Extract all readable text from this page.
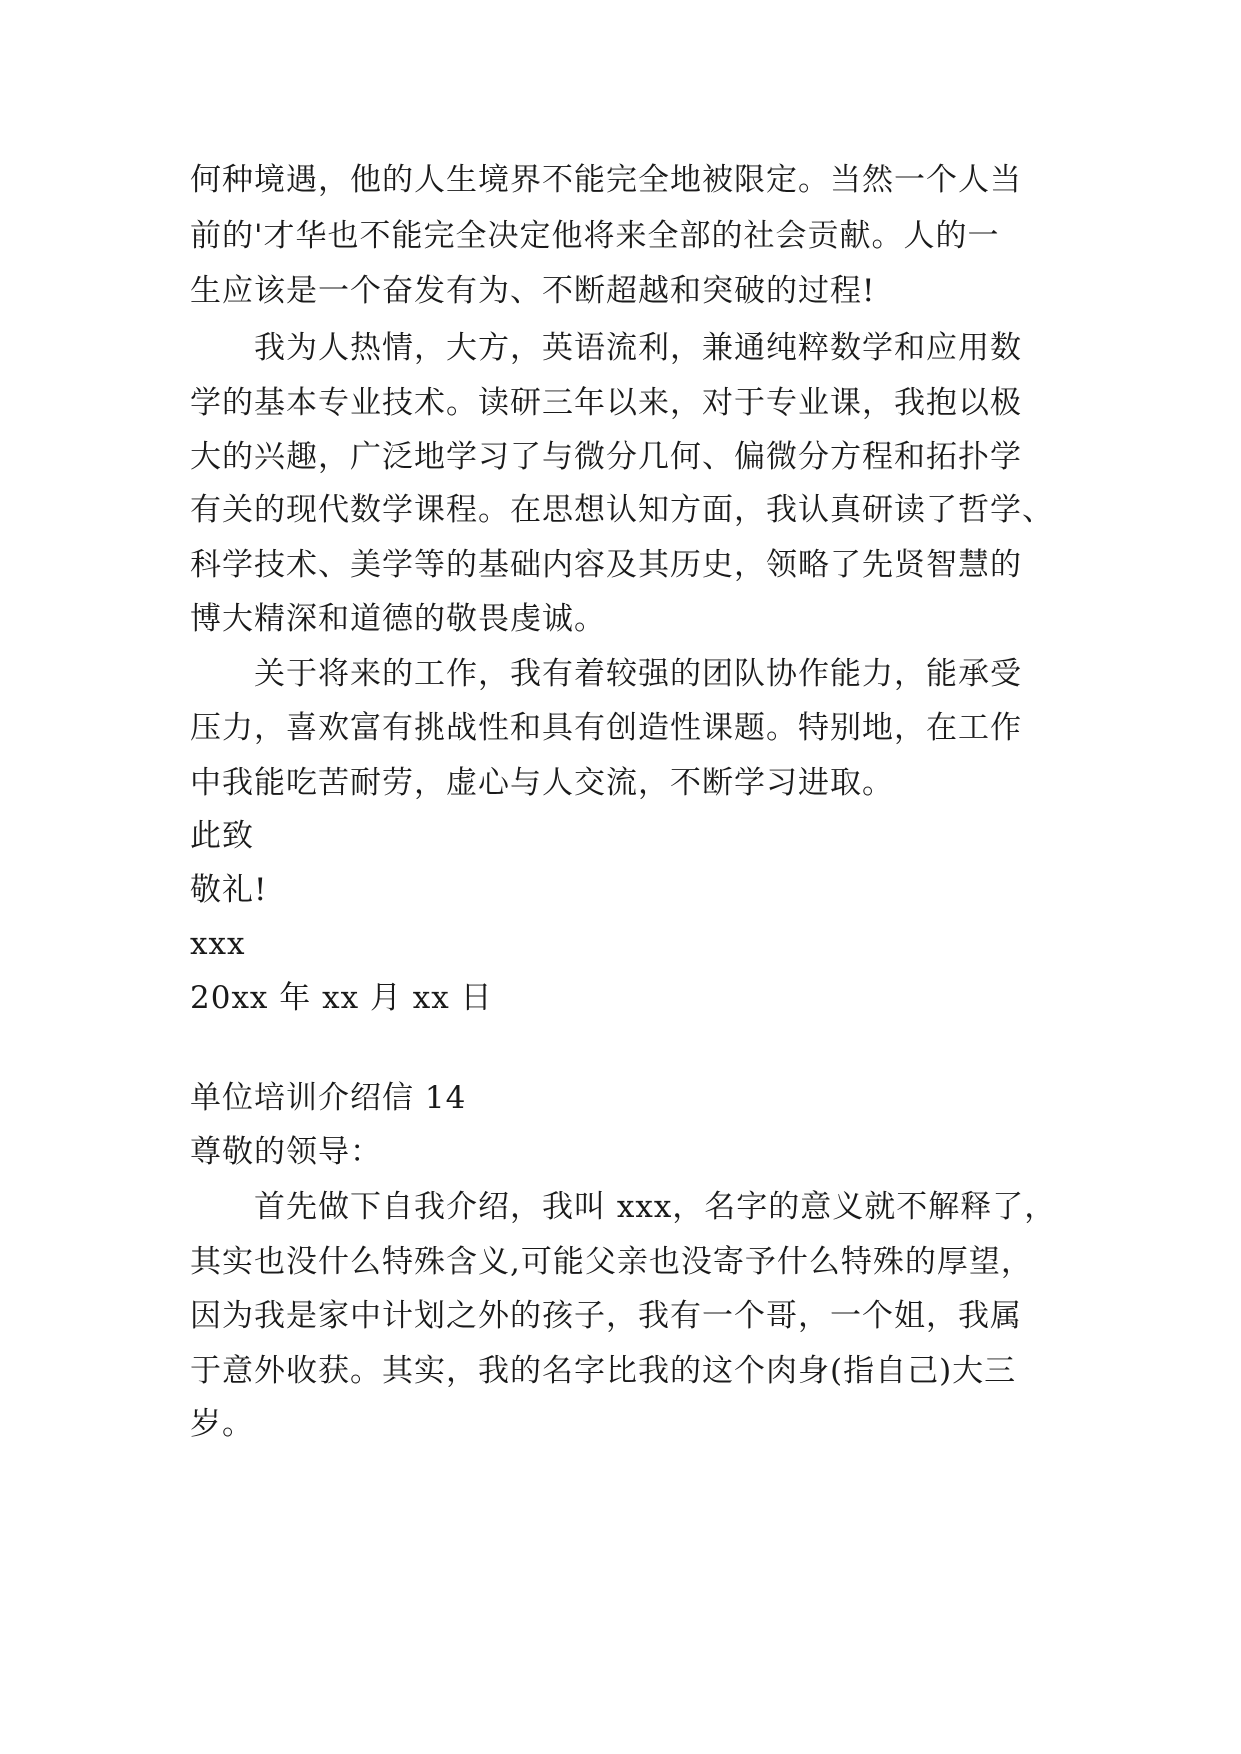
何种境遇，他的人生境界不能完全地被限定。当然一个人当
前的'才华也不能完全决定他将来全部的社会贡献。人的一
生应该是一个奋发有为、不断超越和突破的过程!
我为人热情，大方，英语流利，兼通纯粹数学和应用数
学的基本专业技术。读研三年以来，对于专业课，我抱以极
大的兴趣，广泛地学习了与微分几何、偏微分方程和拓扑学
有关的现代数学课程。在思想认知方面，我认真研读了哲学、
科学技术、美学等的基础内容及其历史，领略了先贤智慧的
博大精深和道德的敬畏虔诚。
关于将来的工作，我有着较强的团队协作能力，能承受
压力，喜欢富有挑战性和具有创造性课题。特别地，在工作
中我能吃苦耐劳，虚心与人交流，不断学习进取。
此致
敬礼!
xxx
20xx 年 xx 月 xx 日
单位培训介绍信 14
尊敬的领导：
首先做下自我介绍，我叫 xxx，名字的意义就不解释了，
其实也没什么特殊含义,可能父亲也没寄予什么特殊的厚望，
因为我是家中计划之外的孩子，我有一个哥，一个姐，我属
于意外收获。其实，我的名字比我的这个肉身(指自己)大三
岁。
